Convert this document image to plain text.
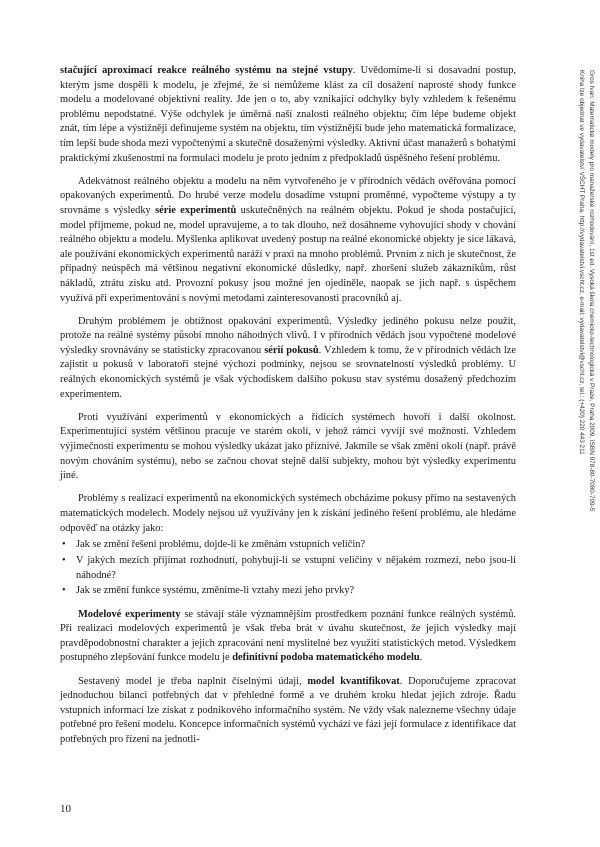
stačující aproximací reakce reálného systému na stejné vstupy. Uvědomíme-li si dosavadní postup, kterým jsme dospěli k modelu, je zřejmé, že si nemůžeme klást za cíl dosažení naprosté shody funkce modelu a modelované objektivní reality. Jde jen o to, aby vznikající odchylky byly vzhledem k řešenému problému nepodstatné. Výše odchylek je úměrná naší znalosti reálného objektu; čím lépe budeme objekt znát, tím lépe a výstižněji definujeme systém na objektu, tím výstižnější bude jeho matematická formalizace, tím lepší bude shoda mezi vypočtenými a skutečně dosaženými výsledky. Aktivní účast manažerů s bohatými praktickými zkušenostmi na formulaci modelu je proto jedním z předpokladů úspěšného řešení problému.

Adekvátnost reálného objektu a modelu na něm vytvořeného je v přírodních vědách ověřována pomocí opakovaných experimentů. Do hrubé verze modelu dosadíme vstupní proměnné, vypočteme výstupy a ty srovnáme s výsledky série experimentů uskutečněných na reálném objektu. Pokud je shoda postačující, model přijmeme, pokud ne, model upravujeme, a to tak dlouho, než dosáhneme vyhovující shody v chování reálného objektu a modelu. Myšlenka aplikovat uvedený postup na reálné ekonomické objekty je sice lákavá, ale používání ekonomických experimentů naráží v praxi na mnoho problémů. Prvním z nich je skutečnost, že případný neúspěch má většinou negativní ekonomické důsledky, např. zhoršení služeb zákazníkům, růst nákladů, ztrátu zisku atd. Provozní pokusy jsou možné jen ojediněle, naopak se jich např. s úspěchem využívá při experimentování s novými metodami zainteresovanosti pracovníků aj.

Druhým problémem je obtížnost opakování experimentů. Výsledky jediného pokusu nelze použít, protože na reálné systémy působí mnoho náhodných vlivů. I v přírodních vědách jsou vypočtené modelové výsledky srovnávány se statisticky zpracovanou sérií pokusů. Vzhledem k tomu, že v přírodních vědách lze zajistit u pokusů v laboratoři stejné výchozí podmínky, nejsou se srovnatelností výsledků problémy. U reálných ekonomických systémů je však východiskem dalšího pokusu stav systému dosažený předchozím experimentem.

Proti využívání experimentů v ekonomických a řídicích systémech hovoří i další okolnost. Experimentující systém většinou pracuje ve starém okolí, v jehož rámci vyvíjí své možnosti. Vzhledem výjimečnosti experimentu se mohou výsledky ukázat jako příznivé. Jakmile se však změní okolí (např. právě novým chováním systému), nebo se začnou chovat stejně další subjekty, mohou být výsledky experimentu jiné.

Problémy s realizací experimentů na ekonomických systémech obcházíme pokusy přímo na sestavených matematických modelech. Modely nejsou už využívány jen k získání jediného řešení problému, ale hledáme odpověď na otázky jako:

• Jak se změní řešení problému, dojde-li ke změnám vstupních veličin?
• V jakých mezích přijímat rozhodnutí, pohybují-li se vstupní veličiny v nějakém rozmezí, nebo jsou-li náhodné?
• Jak se změní funkce systému, změníme-li vztahy mezi jeho prvky?

Modelové experimenty se stávají stále významnějším prostředkem poznání funkce reálných systémů. Při realizaci modelových experimentů je však třeba brát v úvahu skutečnost, že jejich výsledky mají pravděpodobnostní charakter a jejich zpracování není myslitelné bez využití statistických metod. Výsledkem postupného zlepšování funkce modelu je definitivní podoba matematického modelu.

Sestavený model je třeba naplnit číselnými údaji, model kvantifikovat. Doporučujeme zpracovat jednoduchou bilanci potřebných dat v přehledné formě a ve druhém kroku hledat jejich zdroje. Řadu vstupních informací lze získat z podnikového informačního systém. Ne vždy však nalezneme všechny údaje potřebné pro řešení modelu. Koncepce informačních systémů vychází ve fázi její formulace z identifikace dat potřebných pro řízení na jednotli-

10
Gros Ivan: Matematické modely pro manažerské rozhodování, 1st ed. Vysoká škola chemicko-technologická v Praze, Praha 2009, ISBN 978-80-7080-709-5
Kniha lze objednat ve vydavatelství VŠCHT Praha, http://vydavatelstvi.vscht.cz, e-mail: vydavatelstvi@vscht.cz, tel.: (+420) 220 443 211
